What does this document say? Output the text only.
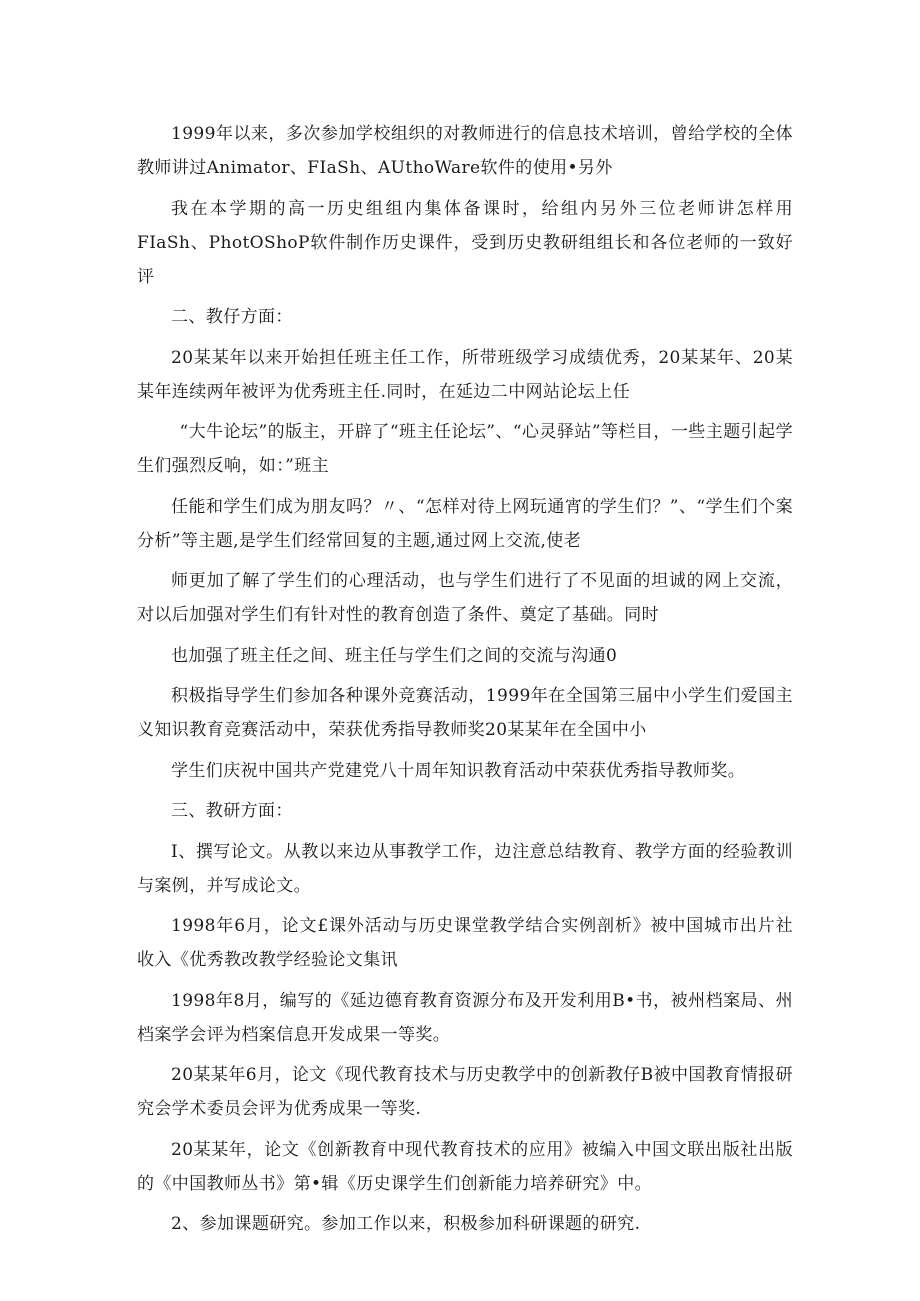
1999年以来，多次参加学校组织的对教师进行的信息技术培训，曾给学校的全体教师讲过Animator、FIaSh、AUthoWare软件的使用•另外

我在本学期的高一历史组组内集体备课时，给组内另外三位老师讲怎样用FIaSh、PhotOShoP软件制作历史课件，受到历史教研组组长和各位老师的一致好评

二、教仔方面：

20某某年以来开始担任班主任工作，所带班级学习成绩优秀，20某某年、20某某年连续两年被评为优秀班主任.同时，在延边二中网站论坛上任

“大牛论坛”的版主，开辟了“班主任论坛”、“心灵驿站”等栏目，一些主题引起学生们强烈反响，如：”班主

任能和学生们成为朋友吗？〃、“怎样对待上网玩通宵的学生们？”、“学生们个案分析”等主题,是学生们经常回复的主题,通过网上交流,使老

师更加了解了学生们的心理活动，也与学生们进行了不见面的坦诚的网上交流，对以后加强对学生们有针对性的教育创造了条件、奠定了基础。同时

也加强了班主任之间、班主任与学生们之间的交流与沟通0

积极指导学生们参加各种课外竞赛活动，1999年在全国第三届中小学生们爱国主义知识教育竞赛活动中，荣获优秀指导教师奖20某某年在全国中小

学生们庆祝中国共产党建党八十周年知识教育活动中荣获优秀指导教师奖。

三、教研方面：

I、撰写论文。从教以来边从事教学工作，边注意总结教育、教学方面的经验教训与案例，并写成论文。

1998年6月，论文£课外活动与历史课堂教学结合实例剖析》被中国城市出片社收入《优秀教改教学经验论文集讯

1998年8月，编写的《延边德育教育资源分布及开发利用B•书，被州档案局、州档案学会评为档案信息开发成果一等奖。

20某某年6月，论文《现代教育技术与历史教学中的创新教仔B被中国教育情报研究会学术委员会评为优秀成果一等奖.

20某某年，论文《创新教育中现代教育技术的应用》被编入中国文联出版社出版的《中国教师丛书》第•辑《历史课学生们创新能力培养研究》中。

2、参加课题研究。参加工作以来，积极参加科研课题的研究.
